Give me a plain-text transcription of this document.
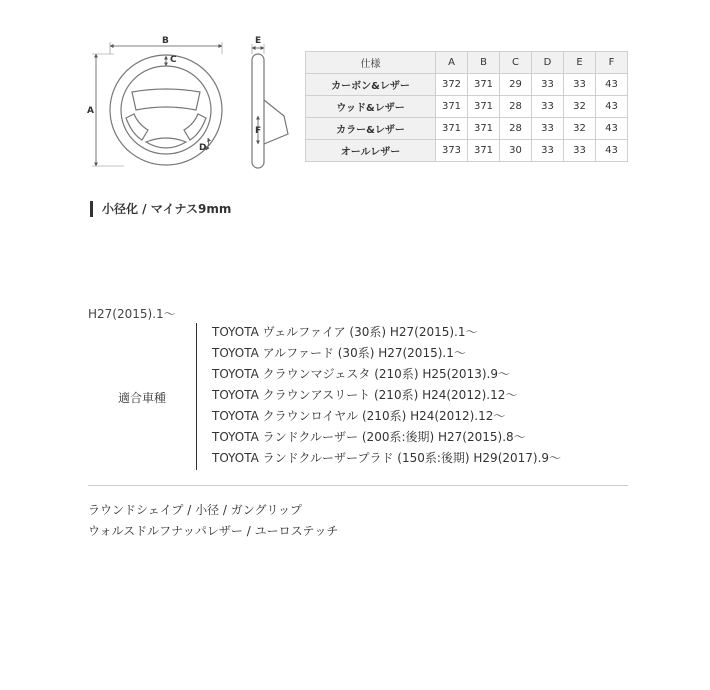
B
C
A
D
E
F
仕様	A	B	C	D	E	F
カーボン&レザー	372	371	29	33	33	43
ウッド&レザー	371	371	28	33	32	43
カラー&レザー	371	371	28	33	32	43
オールレザー	373	371	30	33	33	43
小径化 / マイナス9mm
H27(2015).1～
適合車種
TOYOTA ヴェルファイア (30系) H27(2015).1～
TOYOTA アルファード (30系) H27(2015).1～
TOYOTA クラウンマジェスタ (210系) H25(2013).9～
TOYOTA クラウンアスリート (210系) H24(2012).12～
TOYOTA クラウンロイヤル (210系) H24(2012).12～
TOYOTA ランドクルーザー (200系:後期) H27(2015).8～
TOYOTA ランドクルーザープラド (150系:後期) H29(2017).9～
ラウンドシェイプ / 小径 / ガングリップ
ウォルスドルフナッパレザー / ユーロステッチ
